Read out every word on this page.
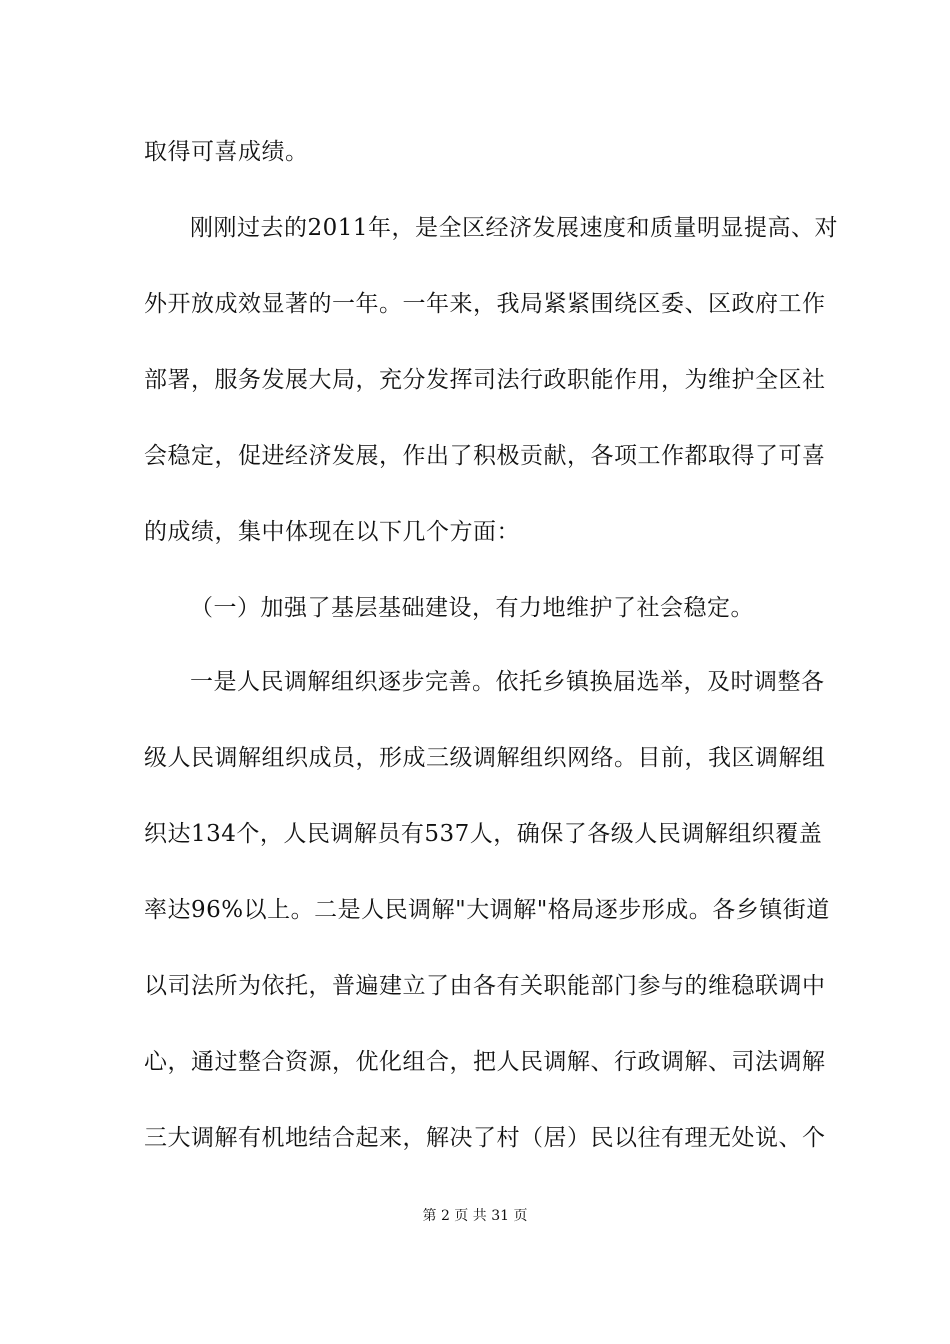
取得可喜成绩。
刚刚过去的2011年，是全区经济发展速度和质量明显提高、对
外开放成效显著的一年。一年来，我局紧紧围绕区委、区政府工作
部署，服务发展大局，充分发挥司法行政职能作用，为维护全区社
会稳定，促进经济发展，作出了积极贡献，各项工作都取得了可喜
的成绩，集中体现在以下几个方面：
（一）加强了基层基础建设，有力地维护了社会稳定。
一是人民调解组织逐步完善。依托乡镇换届选举，及时调整各
级人民调解组织成员，形成三级调解组织网络。目前，我区调解组
织达134个，人民调解员有537人，确保了各级人民调解组织覆盖
率达96%以上。二是人民调解"大调解"格局逐步形成。各乡镇街道
以司法所为依托，普遍建立了由各有关职能部门参与的维稳联调中
心，通过整合资源，优化组合，把人民调解、行政调解、司法调解
三大调解有机地结合起来，解决了村（居）民以往有理无处说、个
第 2 页 共 31 页
